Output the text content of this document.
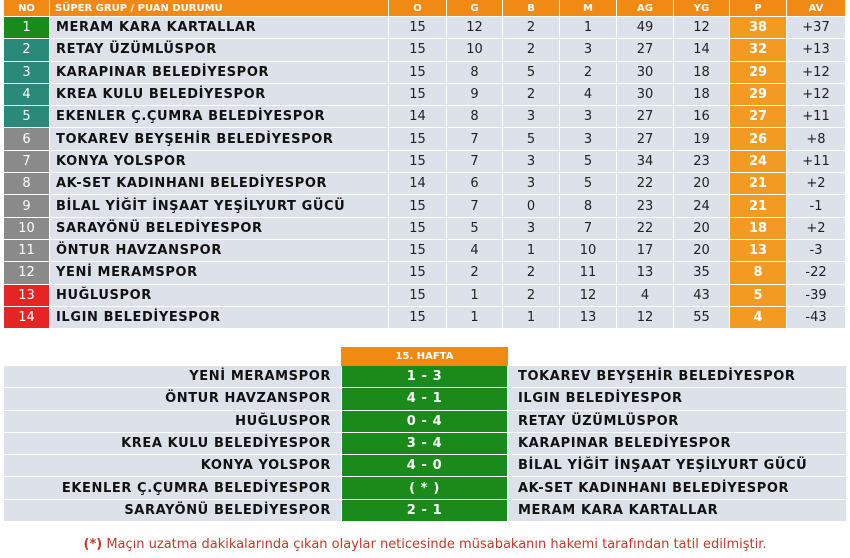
NO	SÜPER GRUP / PUAN DURUMU	O	G	B	M	AG	YG	P	AV
1	MERAM KARA KARTALLAR	15	12	2	1	49	12	38	+37
2	RETAY ÜZÜMLÜSPOR	15	10	2	3	27	14	32	+13
3	KARAPINAR BELEDİYESPOR	15	8	5	2	30	18	29	+12
4	KREA KULU BELEDİYESPOR	15	9	2	4	30	18	29	+12
5	EKENLER Ç.ÇUMRA BELEDİYESPOR	14	8	3	3	27	16	27	+11
6	TOKAREV BEYŞEHİR BELEDİYESPOR	15	7	5	3	27	19	26	+8
7	KONYA YOLSPOR	15	7	3	5	34	23	24	+11
8	AK-SET KADINHANI BELEDİYESPOR	14	6	3	5	22	20	21	+2
9	BİLAL YİĞİT İNŞAAT YEŞİLYURT GÜCÜ	15	7	0	8	23	24	21	-1
10	SARAYÖNÜ BELEDİYESPOR	15	5	3	7	22	20	18	+2
11	ÖNTUR HAVZANSPOR	15	4	1	10	17	20	13	-3
12	YENİ MERAMSPOR	15	2	2	11	13	35	8	-22
13	HUĞLUSPOR	15	1	2	12	4	43	5	-39
14	ILGIN BELEDİYESPOR	15	1	1	13	12	55	4	-43
15. HAFTA
YENİ MERAMSPOR	1 - 3	TOKAREV BEYŞEHİR BELEDİYESPOR
ÖNTUR HAVZANSPOR	4 - 1	ILGIN BELEDİYESPOR
HUĞLUSPOR	0 - 4	RETAY ÜZÜMLÜSPOR
KREA KULU BELEDİYESPOR	3 - 4	KARAPINAR BELEDİYESPOR
KONYA YOLSPOR	4 - 0	BİLAL YİĞİT İNŞAAT YEŞİLYURT GÜCÜ
EKENLER Ç.ÇUMRA BELEDİYESPOR	( * )	AK-SET KADINHANI BELEDİYESPOR
SARAYÖNÜ BELEDİYESPOR	2 - 1	MERAM KARA KARTALLAR
(*) Maçın uzatma dakikalarında çıkan olaylar neticesinde müsabakanın hakemi tarafından tatil edilmiştir.
